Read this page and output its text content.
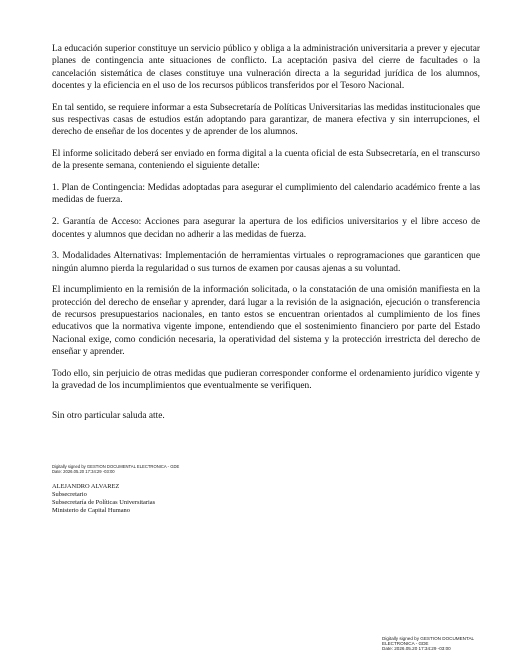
La educación superior constituye un servicio público y obliga a la administración universitaria a prever y ejecutar planes de contingencia ante situaciones de conflicto. La aceptación pasiva del cierre de facultades o la cancelación sistemática de clases constituye una vulneración directa a la seguridad jurídica de los alumnos, docentes y la eficiencia en el uso de los recursos públicos transferidos por el Tesoro Nacional.

En tal sentido, se requiere informar a esta Subsecretaría de Políticas Universitarias las medidas institucionales que sus respectivas casas de estudios están adoptando para garantizar, de manera efectiva y sin interrupciones, el derecho de enseñar de los docentes y de aprender de los alumnos.

El informe solicitado deberá ser enviado en forma digital a la cuenta oficial de esta Subsecretaría, en el transcurso de la presente semana, conteniendo el siguiente detalle:

1. Plan de Contingencia: Medidas adoptadas para asegurar el cumplimiento del calendario académico frente a las medidas de fuerza.

2. Garantía de Acceso: Acciones para asegurar la apertura de los edificios universitarios y el libre acceso de docentes y alumnos que decidan no adherir a las medidas de fuerza.

3. Modalidades Alternativas: Implementación de herramientas virtuales o reprogramaciones que garanticen que ningún alumno pierda la regularidad o sus turnos de examen por causas ajenas a su voluntad.

El incumplimiento en la remisión de la información solicitada, o la constatación de una omisión manifiesta en la protección del derecho de enseñar y aprender, dará lugar a la revisión de la asignación, ejecución o transferencia de recursos presupuestarios nacionales, en tanto estos se encuentran orientados al cumplimiento de los fines educativos que la normativa vigente impone, entendiendo que el sostenimiento financiero por parte del Estado Nacional exige, como condición necesaria, la operatividad del sistema y la protección irrestricta del derecho de enseñar y aprender.

Todo ello, sin perjuicio de otras medidas que pudieran corresponder conforme el ordenamiento jurídico vigente y la gravedad de los incumplimientos que eventualmente se verifiquen.

Sin otro particular saluda atte.
Digitally signed by GESTION DOCUMENTAL ELECTRONICA - GDE
Date: 2026.05.20 17:34:29 -03:00
ALEJANDRO ALVAREZ
Subsecretario
Subsecretaría de Políticas Universitarias
Ministerio de Capital Humano
Digitally signed by GESTION DOCUMENTAL
ELECTRONICA - GDE
Date: 2026.05.20 17:34:29 -03:00
